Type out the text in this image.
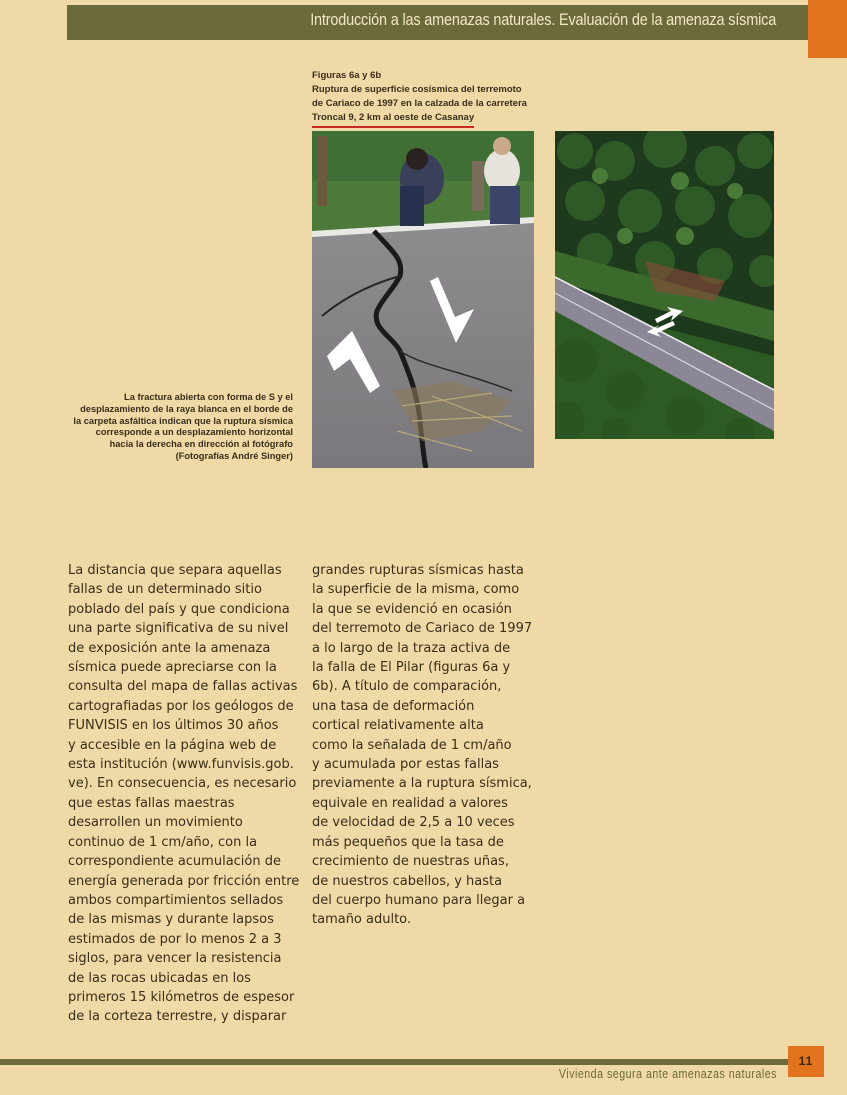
Introducción a las amenazas naturales. Evaluación de la amenaza sísmica
Figuras 6a y 6b
Ruptura de superficie cosísmica del terremoto
de Cariaco de 1997 en la calzada de la carretera
Troncal 9, 2 km al oeste de Casanay
La fractura abierta con forma de S y el
desplazamiento de la raya blanca en el borde de
la carpeta asfáltica indican que la ruptura sísmica
corresponde a un desplazamiento horizontal
hacia la derecha en dirección al fotógrafo
(Fotografías André Singer)
La distancia que separa aquellas
fallas de un determinado sitio
poblado del país y que condiciona
una parte significativa de su nivel
de exposición ante la amenaza
sísmica puede apreciarse con la
consulta del mapa de fallas activas
cartografiadas por los geólogos de
FUNVISIS en los últimos 30 años
y accesible en la página web de
esta institución (www.funvisis.gob.
ve). En consecuencia, es necesario
que estas fallas maestras
desarrollen un movimiento
continuo de 1 cm/año, con la
correspondiente acumulación de
energía generada por fricción entre
ambos compartimientos sellados
de las mismas y durante lapsos
estimados de por lo menos 2 a 3
siglos, para vencer la resistencia
de las rocas ubicadas en los
primeros 15 kilómetros de espesor
de la corteza terrestre, y disparar
grandes rupturas sísmicas hasta
la superficie de la misma, como
la que se evidenció en ocasión
del terremoto de Cariaco de 1997
a lo largo de la traza activa de
la falla de El Pilar (figuras 6a y
6b). A título de comparación,
una tasa de deformación
cortical relativamente alta
como la señalada de 1 cm/año
y acumulada por estas fallas
previamente a la ruptura sísmica,
equivale en realidad a valores
de velocidad de 2,5 a 10 veces
más pequeños que la tasa de
crecimiento de nuestras uñas,
de nuestros cabellos, y hasta
del cuerpo humano para llegar a
tamaño adulto.
Vivienda segura ante amenazas naturales
11
